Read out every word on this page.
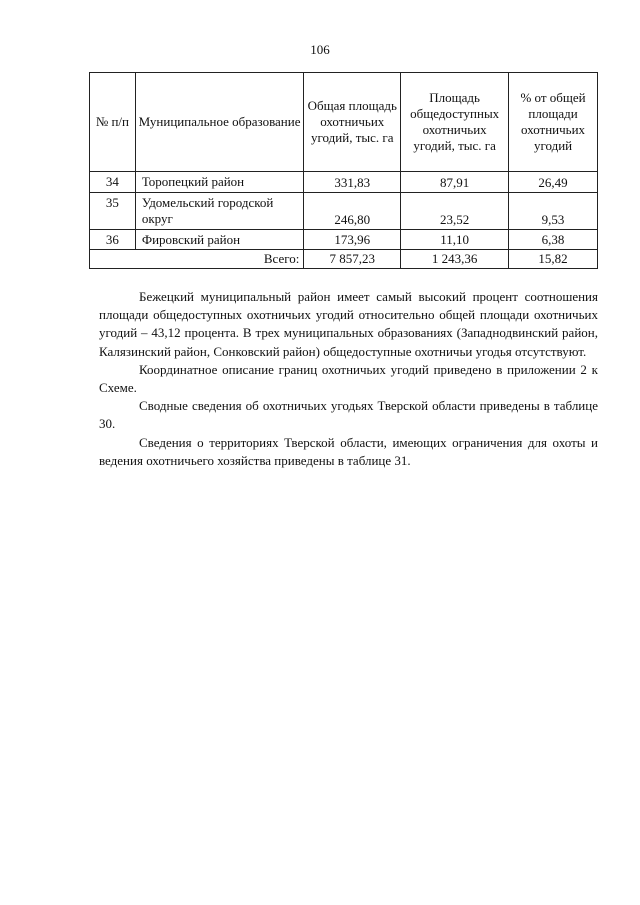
106
№ п/п	Муниципальное образование	Общая площадь охотничьих угодий, тыс. га	Площадь общедоступных охотничьих угодий, тыс. га	% от общей площади охотничьих угодий
34	Торопецкий район	331,83	87,91	26,49
35	Удомельский городской округ	246,80	23,52	9,53
36	Фировский район	173,96	11,10	6,38
Всего:		7 857,23	1 243,36	15,82

Бежецкий муниципальный район имеет самый высокий процент соотношения площади общедоступных охотничьих угодий относительно общей площади охотничьих угодий – 43,12 процента. В трех муниципальных образованиях (Западнодвинский район, Калязинский район, Сонковский район) общедоступные охотничьи угодья отсутствуют.

Координатное описание границ охотничьих угодий приведено в приложении 2 к Схеме.

Сводные сведения об охотничьих угодьях Тверской области приведены в таблице 30.

Сведения о территориях Тверской области, имеющих ограничения для охоты и ведения охотничьего хозяйства приведены в таблице 31.
